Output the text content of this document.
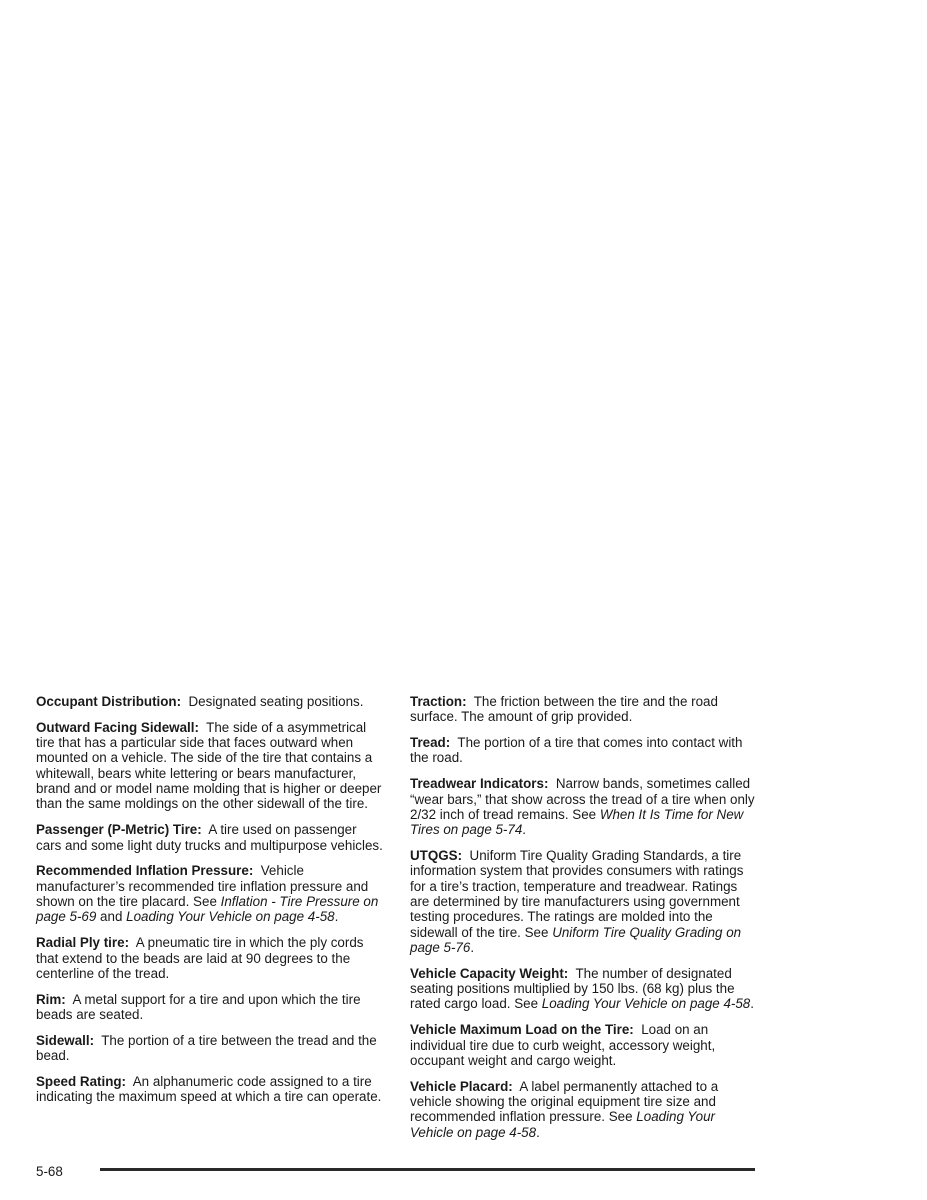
Occupant Distribution: Designated seating positions.

Outward Facing Sidewall: The side of a asymmetrical tire that has a particular side that faces outward when mounted on a vehicle. The side of the tire that contains a whitewall, bears white lettering or bears manufacturer, brand and or model name molding that is higher or deeper than the same moldings on the other sidewall of the tire.

Passenger (P-Metric) Tire: A tire used on passenger cars and some light duty trucks and multipurpose vehicles.

Recommended Inflation Pressure: Vehicle manufacturer’s recommended tire inflation pressure and shown on the tire placard. See Inflation - Tire Pressure on page 5-69 and Loading Your Vehicle on page 4-58.

Radial Ply tire: A pneumatic tire in which the ply cords that extend to the beads are laid at 90 degrees to the centerline of the tread.

Rim: A metal support for a tire and upon which the tire beads are seated.

Sidewall: The portion of a tire between the tread and the bead.

Speed Rating: An alphanumeric code assigned to a tire indicating the maximum speed at which a tire can operate.

Traction: The friction between the tire and the road surface. The amount of grip provided.

Tread: The portion of a tire that comes into contact with the road.

Treadwear Indicators: Narrow bands, sometimes called “wear bars,” that show across the tread of a tire when only 2/32 inch of tread remains. See When It Is Time for New Tires on page 5-74.

UTQGS: Uniform Tire Quality Grading Standards, a tire information system that provides consumers with ratings for a tire’s traction, temperature and treadwear. Ratings are determined by tire manufacturers using government testing procedures. The ratings are molded into the sidewall of the tire. See Uniform Tire Quality Grading on page 5-76.

Vehicle Capacity Weight: The number of designated seating positions multiplied by 150 lbs. (68 kg) plus the rated cargo load. See Loading Your Vehicle on page 4-58.

Vehicle Maximum Load on the Tire: Load on an individual tire due to curb weight, accessory weight, occupant weight and cargo weight.

Vehicle Placard: A label permanently attached to a vehicle showing the original equipment tire size and recommended inflation pressure. See Loading Your Vehicle on page 4-58.

5-68
